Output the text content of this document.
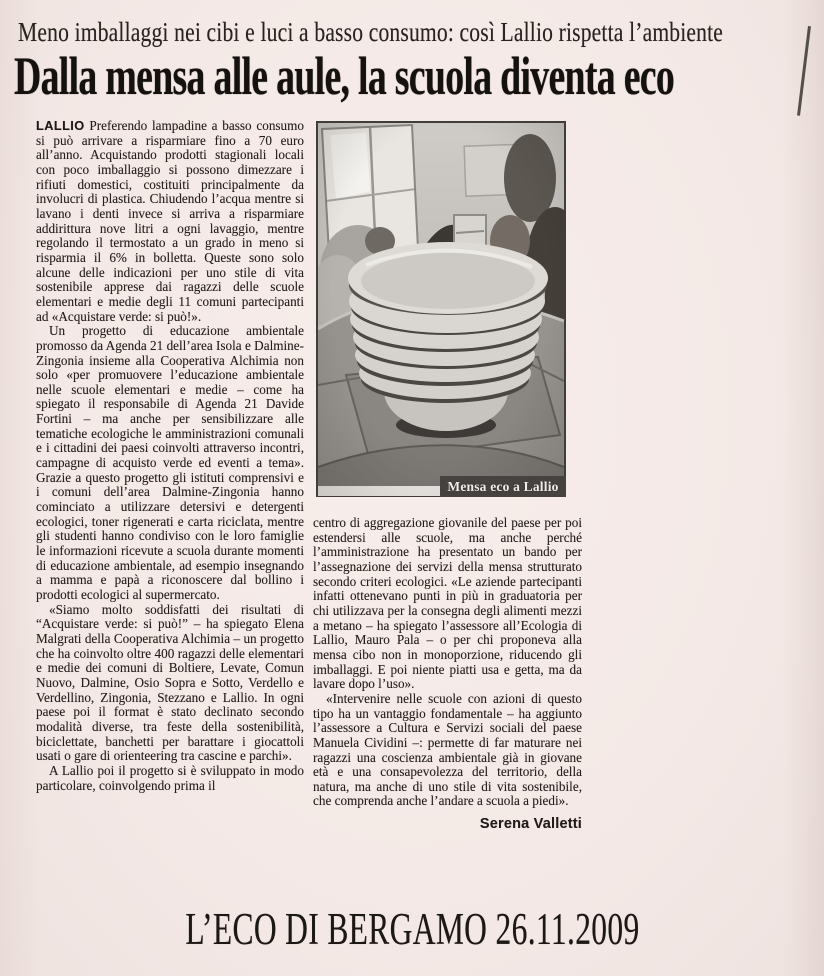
Meno imballaggi nei cibi e luci a basso consumo: così Lallio rispetta l’ambiente
Dalla mensa alle aule, la scuola diventa eco

LALLIO Preferendo lampadine a basso consumo si può arrivare a risparmiare fino a 70 euro all’anno. Acquistando prodotti stagionali locali con poco imballaggio si possono dimezzare i rifiuti domestici, costituiti principalmente da involucri di plastica. Chiudendo l’acqua mentre si lavano i denti invece si arriva a risparmiare addirittura nove litri a ogni lavaggio, mentre regolando il termostato a un grado in meno si risparmia il 6% in bolletta. Queste sono solo alcune delle indicazioni per uno stile di vita sostenibile apprese dai ragazzi delle scuole elementari e medie degli 11 comuni partecipanti ad «Acquistare verde: si può!».

Un progetto di educazione ambientale promosso da Agenda 21 dell’area Isola e Dalmine-Zingonia insieme alla Cooperativa Alchimia non solo «per promuovere l’educazione ambientale nelle scuole elementari e medie – come ha spiegato il responsabile di Agenda 21 Davide Fortini – ma anche per sensibilizzare alle tematiche ecologiche le amministrazioni comunali e i cittadini dei paesi coinvolti attraverso incontri, campagne di acquisto verde ed eventi a tema». Grazie a questo progetto gli istituti comprensivi e i comuni dell’area Dalmine-Zingonia hanno cominciato a utilizzare detersivi e detergenti ecologici, toner rigenerati e carta riciclata, mentre gli studenti hanno condiviso con le loro famiglie le informazioni ricevute a scuola durante momenti di educazione ambientale, ad esempio insegnando a mamma e papà a riconoscere dal bollino i prodotti ecologici al supermercato.

«Siamo molto soddisfatti dei risultati di “Acquistare verde: si può!” – ha spiegato Elena Malgrati della Cooperativa Alchimia – un progetto che ha coinvolto oltre 400 ragazzi delle elementari e medie dei comuni di Boltiere, Levate, Comun Nuovo, Dalmine, Osio Sopra e Sotto, Verdello e Verdellino, Zingonia, Stezzano e Lallio. In ogni paese poi il format è stato declinato secondo modalità diverse, tra feste della sostenibilità, biciclettate, banchetti per barattare i giocattoli usati o gare di orienteering tra cascine e parchi».

A Lallio poi il progetto si è sviluppato in modo particolare, coinvolgendo prima il

Mensa eco a Lallio

centro di aggregazione giovanile del paese per poi estendersi alle scuole, ma anche perché l’amministrazione ha presentato un bando per l’assegnazione dei servizi della mensa strutturato secondo criteri ecologici. «Le aziende partecipanti infatti ottenevano punti in più in graduatoria per chi utilizzava per la consegna degli alimenti mezzi a metano – ha spiegato l’assessore all’Ecologia di Lallio, Mauro Pala – o per chi proponeva alla mensa cibo non in monoporzione, riducendo gli imballaggi. E poi niente piatti usa e getta, ma da lavare dopo l’uso».

«Intervenire nelle scuole con azioni di questo tipo ha un vantaggio fondamentale – ha aggiunto l’assessore a Cultura e Servizi sociali del paese Manuela Cividini –: permette di far maturare nei ragazzi una coscienza ambientale già in giovane età e una consapevolezza del territorio, della natura, ma anche di uno stile di vita sostenibile, che comprenda anche l’andare a scuola a piedi».

Serena Valletti

L’ECO DI BERGAMO 26.11.2009
